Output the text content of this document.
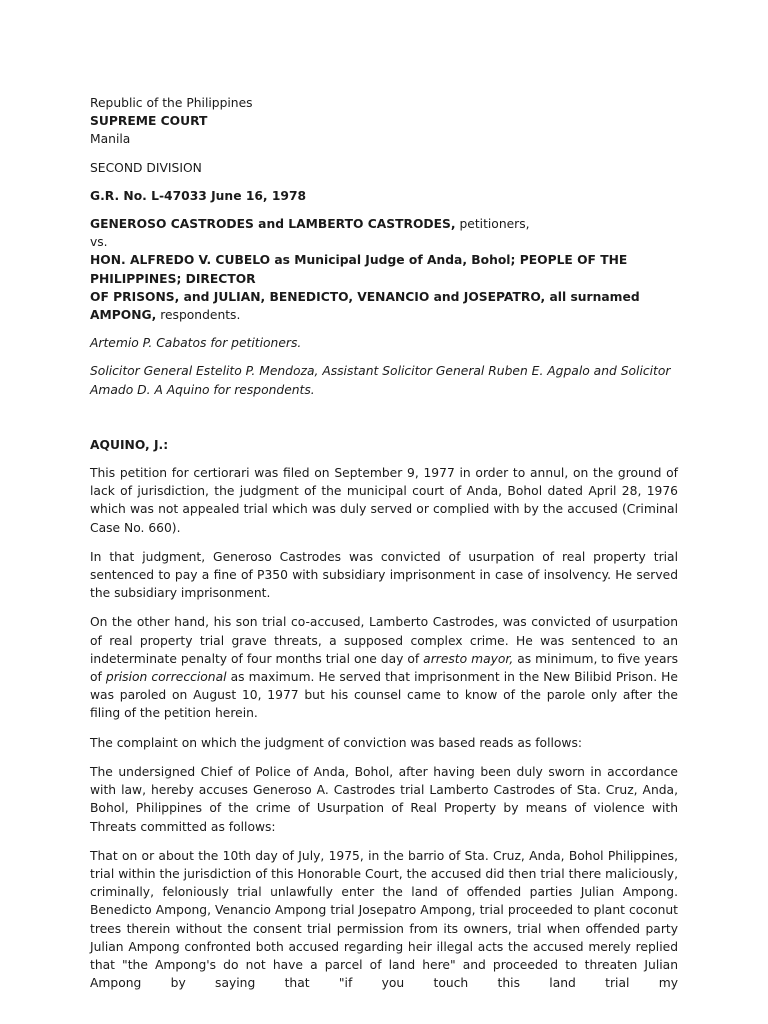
Republic of the Philippines

SUPREME COURT

Manila

SECOND DIVISION

G.R. No. L-47033 June 16, 1978

GENEROSO CASTRODES and LAMBERTO CASTRODES, petitioners,

vs.

HON. ALFREDO V. CUBELO as Municipal Judge of Anda, Bohol; PEOPLE OF THE PHILIPPINES; DIRECTOR

OF PRISONS, and JULIAN, BENEDICTO, VENANCIO and JOSEPATRO, all surnamed

AMPONG, respondents.

Artemio P. Cabatos for petitioners.

Solicitor General Estelito P. Mendoza, Assistant Solicitor General Ruben E. Agpalo and Solicitor Amado D. A Aquino for respondents.

AQUINO, J.:

This petition for certiorari was filed on September 9, 1977 in order to annul, on the ground of lack of jurisdiction, the judgment of the municipal court of Anda, Bohol dated April 28, 1976 which was not appealed trial which was duly served or complied with by the accused (Criminal Case No. 660).

In that judgment, Generoso Castrodes was convicted of usurpation of real property trial sentenced to pay a fine of P350 with subsidiary imprisonment in case of insolvency. He served the subsidiary imprisonment.

On the other hand, his son trial co-accused, Lamberto Castrodes, was convicted of usurpation of real property trial grave threats, a supposed complex crime. He was sentenced to an indeterminate penalty of four months trial one day of arresto mayor, as minimum, to five years of prision correccional as maximum. He served that imprisonment in the New Bilibid Prison. He was paroled on August 10, 1977 but his counsel came to know of the parole only after the filing of the petition herein.

The complaint on which the judgment of conviction was based reads as follows:

The undersigned Chief of Police of Anda, Bohol, after having been duly sworn in accordance with law, hereby accuses Generoso A. Castrodes trial Lamberto Castrodes of Sta. Cruz, Anda, Bohol, Philippines of the crime of Usurpation of Real Property by means of violence with Threats committed as follows:

That on or about the 10th day of July, 1975, in the barrio of Sta. Cruz, Anda, Bohol Philippines, trial within the jurisdiction of this Honorable Court, the accused did then trial there maliciously, criminally, feloniously trial unlawfully enter the land of offended parties Julian Ampong. Benedicto Ampong, Venancio Ampong trial Josepatro Ampong, trial proceeded to plant coconut trees therein without the consent trial permission from its owners, trial when offended party Julian Ampong confronted both accused regarding heir illegal acts the accused merely replied that "the Ampong's do not have a parcel of land here" and proceeded to threaten Julian Ampong by saying that "if you touch this land trial my
